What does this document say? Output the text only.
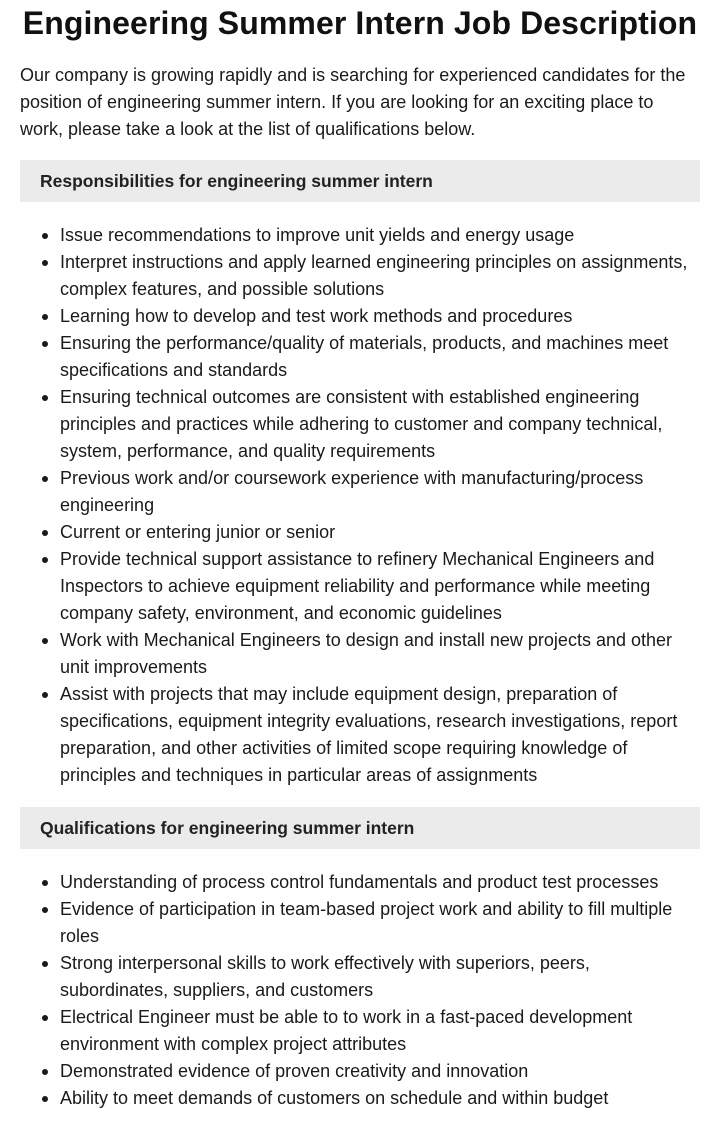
Engineering Summer Intern Job Description

Our company is growing rapidly and is searching for experienced candidates for the position of engineering summer intern. If you are looking for an exciting place to work, please take a look at the list of qualifications below.

Responsibilities for engineering summer intern
Issue recommendations to improve unit yields and energy usage
Interpret instructions and apply learned engineering principles on assignments, complex features, and possible solutions
Learning how to develop and test work methods and procedures
Ensuring the performance/quality of materials, products, and machines meet specifications and standards
Ensuring technical outcomes are consistent with established engineering principles and practices while adhering to customer and company technical, system, performance, and quality requirements
Previous work and/or coursework experience with manufacturing/process engineering
Current or entering junior or senior
Provide technical support assistance to refinery Mechanical Engineers and Inspectors to achieve equipment reliability and performance while meeting company safety, environment, and economic guidelines
Work with Mechanical Engineers to design and install new projects and other unit improvements
Assist with projects that may include equipment design, preparation of specifications, equipment integrity evaluations, research investigations, report preparation, and other activities of limited scope requiring knowledge of principles and techniques in particular areas of assignments
Qualifications for engineering summer intern
Understanding of process control fundamentals and product test processes
Evidence of participation in team-based project work and ability to fill multiple roles
Strong interpersonal skills to work effectively with superiors, peers, subordinates, suppliers, and customers
Electrical Engineer must be able to to work in a fast-paced development environment with complex project attributes
Demonstrated evidence of proven creativity and innovation
Ability to meet demands of customers on schedule and within budget
